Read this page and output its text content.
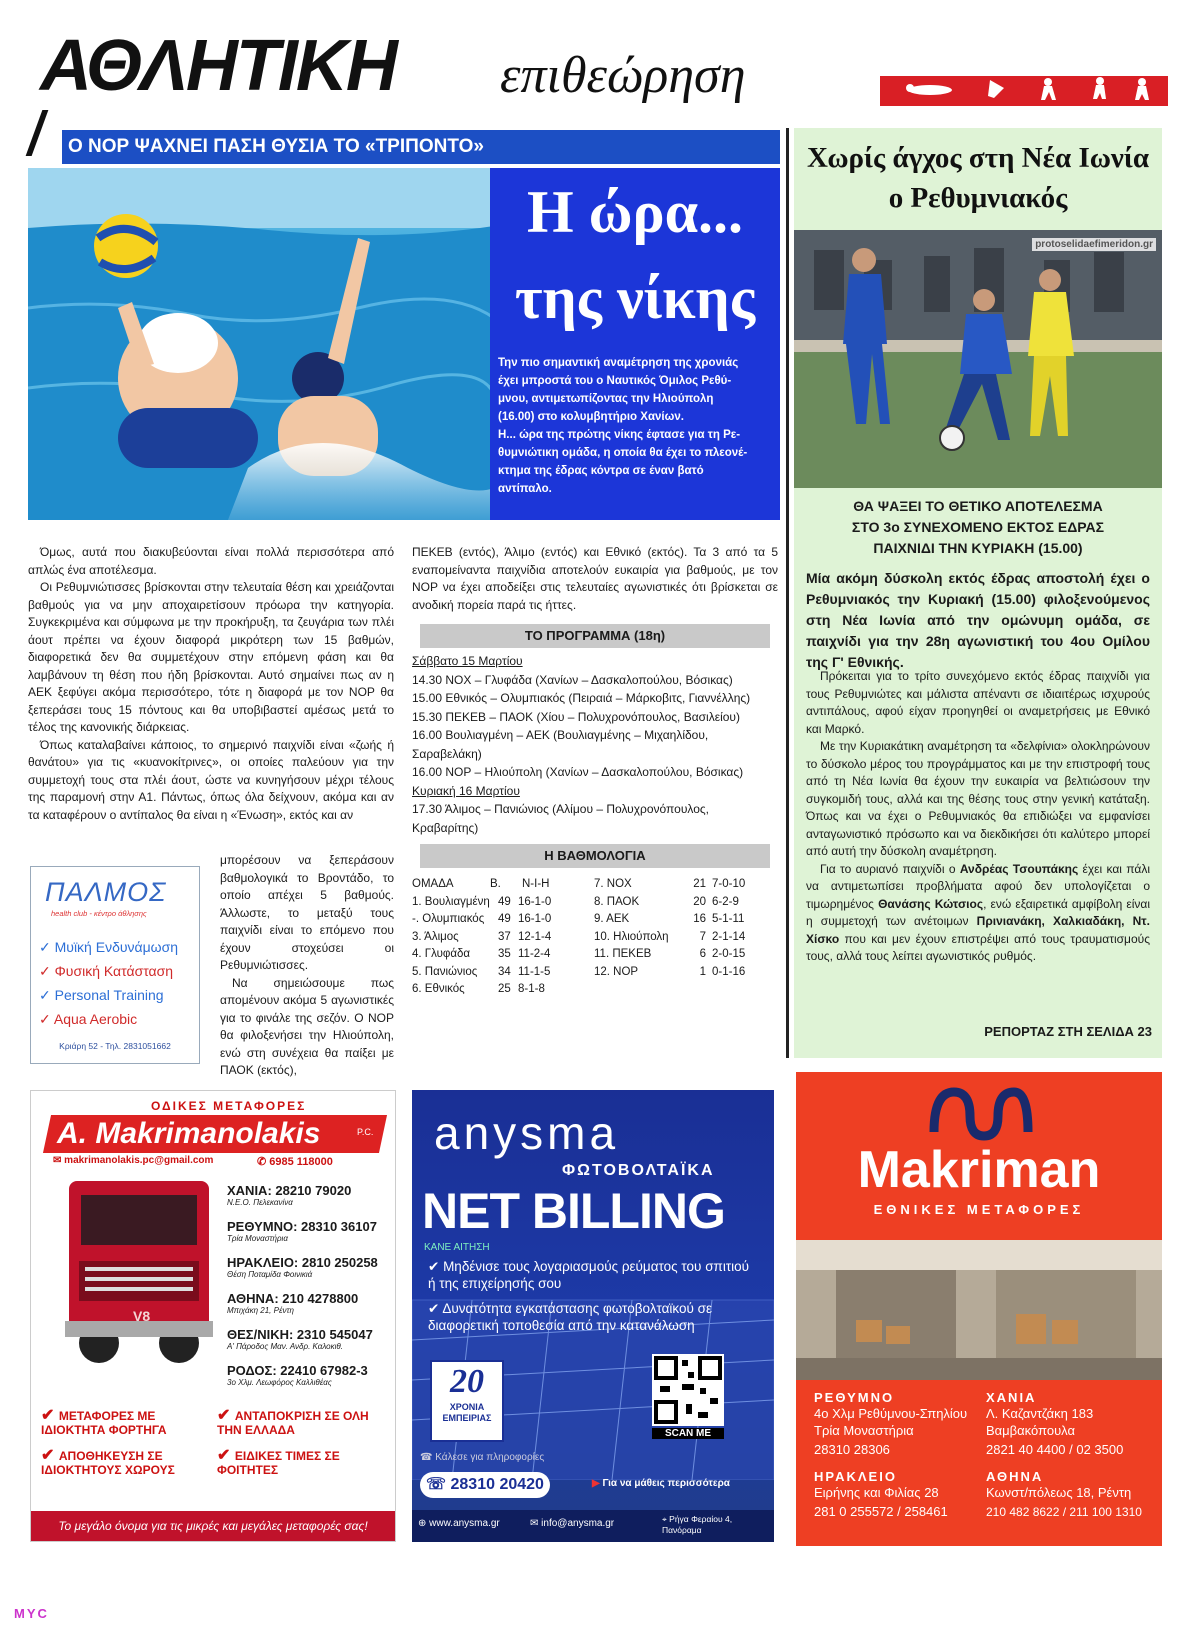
ΑΘΛΗΤΙΚΗ επιθεώρηση
Ο ΝΟΡ ΨΑΧΝΕΙ ΠΑΣΗ ΘΥΣΙΑ ΤΟ «ΤΡΙΠΟΝΤΟ»
Η ώρα...
της νίκης
Την πιο σημαντική αναμέτρηση της χρονιάς
έχει μπροστά του ο Ναυτικός Όμιλος Ρεθύ-
μνου, αντιμετωπίζοντας την Ηλιούπολη
(16.00) στο κολυμβητήριο Χανίων.
Η... ώρα της πρώτης νίκης έφτασε για τη Ρε-
θυμνιώτικη ομάδα, η οποία θα έχει το πλεονέ-
κτημα της έδρας κόντρα σε έναν βατό
αντίπαλο.

Όμως, αυτά που διακυβεύονται είναι πολλά περισσότερα από απλώς ένα αποτέλεσμα.

Οι Ρεθυμνιώτισσες βρίσκονται στην τελευταία θέση και χρειάζονται βαθμούς για να μην αποχαιρετίσουν πρόωρα την κατηγορία. Συγκεκριμένα και σύμφωνα με την προκήρυξη, τα ζευγάρια των πλέι άουτ πρέπει να έχουν διαφορά μικρότερη των 15 βαθμών, διαφορετικά δεν θα συμμετέχουν στην επόμενη φάση και θα λαμβάνουν τη θέση που ήδη βρίσκονται. Αυτό σημαίνει πως αν η ΑΕΚ ξεφύγει ακόμα περισσότερο, τότε η διαφορά με τον ΝΟΡ θα ξεπεράσει τους 15 πόντους και θα υποβιβαστεί αμέσως μετά το τέλος της κανονικής διάρκειας.

Όπως καταλαβαίνει κάποιος, το σημερινό παιχνίδι είναι «ζωής ή θανάτου» για τις «κυανοκίτρινες», οι οποίες παλεύουν για την συμμετοχή τους στα πλέι άουτ, ώστε να κυνηγήσουν μέχρι τέλους της παραμονή στην Α1. Πάντως, όπως όλα δείχνουν, ακόμα και αν τα καταφέρουν ο αντίπαλος θα είναι η «Ένωση», εκτός και αν

μπορέσουν να ξεπεράσουν βαθμολογικά το Βροντάδο, το οποίο απέχει 5 βαθμούς. Άλλωστε, το μεταξύ τους παιχνίδι είναι το επόμενο που έχουν στοχεύσει οι Ρεθυμνιώτισσες.

Να σημειώσουμε πως απομένουν ακόμα 5 αγωνιστικές για το φινάλε της σεζόν. Ο ΝΟΡ θα φιλοξενήσει την Ηλιούπολη, ενώ στη συνέχεια θα παίξει με ΠΑΟΚ (εκτός),

ΠΑΛΜΟΣ
health club - κέντρο άθλησης
✓ Μυϊκή Ενδυνάμωση
✓ Φυσική Κατάσταση
✓ Personal Training
✓ Aqua Aerobic
Κριάρη 52 - Τηλ. 2831051662

ΠΕΚΕΒ (εντός), Άλιμο (εντός) και Εθνικό (εκτός). Τα 3 από τα 5 εναπομείναντα παιχνίδια αποτελούν ευκαιρία για βαθμούς, με τον ΝΟΡ να έχει αποδείξει στις τελευταίες αγωνιστικές ότι βρίσκεται σε ανοδική πορεία παρά τις ήττες.

ΤΟ ΠΡΟΓΡΑΜΜΑ (18η)
Σάββατο 15 Μαρτίου
14.30 ΝΟΧ – Γλυφάδα (Χανίων – Δασκαλοπούλου, Βόσικας)
15.00 Εθνικός – Ολυμπιακός (Πειραιά – Μάρκοβιτς, Γιαννέλλης)
15.30 ΠΕΚΕΒ – ΠΑΟΚ (Χίου – Πολυχρονόπουλος, Βασιλείου)
16.00 Βουλιαγμένη – ΑΕΚ (Βουλιαγμένης – Μιχαηλίδου,
Σαραβελάκη)
16.00 ΝΟΡ – Ηλιούπολη (Χανίων – Δασκαλοπούλου, Βόσικας)
Κυριακή 16 Μαρτίου
17.30 Άλιμος – Πανιώνιος (Αλίμου – Πολυχρονόπουλος,
Κραβαρίτης)
Η ΒΑΘΜΟΛΟΓΙΑ
ΟΜΑΔΑ	Β. Ν-Ι-Η
1. Βουλιαγμένη 49 16-1-0
-. Ολυμπιακός 49 16-1-0
3. Άλιμος	37 12-1-4
4. Γλυφάδα 35 11-2-4
5. Πανιώνιος 34 11-1-5
6. Εθνικός	25 8-1-8
7. ΝΟΧ	21 7-0-10
8. ΠΑΟΚ	20 6-2-9
9. ΑΕΚ	16 5-1-11
10. Ηλιούπολη	7 2-1-14
11. ΠΕΚΕΒ	6 2-0-15
12. ΝΟΡ	1 0-1-16
Χωρίς άγχος στη Νέα Ιωνία
ο Ρεθυμνιακός
protoselidaefimeridon.gr
ΘΑ ΨΑΞΕΙ ΤΟ ΘΕΤΙΚΟ ΑΠΟΤΕΛΕΣΜΑ
ΣΤΟ 3ο ΣΥΝΕΧΟΜΕΝΟ ΕΚΤΟΣ ΕΔΡΑΣ
ΠΑΙΧΝΙΔΙ ΤΗΝ ΚΥΡΙΑΚΗ (15.00)
Μία ακόμη δύσκολη εκτός έδρας αποστολή έχει ο Ρεθυμνιακός την Κυριακή (15.00) φιλοξενούμενος στη Νέα Ιωνία από την ομώνυμη ομάδα, σε παιχνίδι για την 28η αγωνιστική του 4ου Ομίλου της Γ' Εθνικής.

Πρόκειται για το τρίτο συνεχόμενο εκτός έδρας παιχνίδι για τους Ρεθυμνιώτες και μάλιστα απέναντι σε ιδιαιτέρως ισχυρούς αντιπάλους, αφού είχαν προηγηθεί οι αναμετρήσεις με Εθνικό και Μαρκό.

Με την Κυριακάτικη αναμέτρηση τα «δελφίνια» ολοκληρώνουν το δύσκολο μέρος του προγράμματος και με την επιστροφή τους από τη Νέα Ιωνία θα έχουν την ευκαιρία να βελτιώσουν την συγκομιδή τους, αλλά και της θέσης τους στην γενική κατάταξη. Όπως και να έχει ο Ρεθυμνιακός θα επιδιώξει να εμφανίσει ανταγωνιστικό πρόσωπο και να διεκδικήσει ότι καλύτερο μπορεί από αυτή την δύσκολη αναμέτρηση.

Για το αυριανό παιχνίδι ο Ανδρέας Τσουπάκης έχει και πάλι να αντιμετωπίσει προβλήματα αφού δεν υπολογίζεται ο τιμωρημένος Θανάσης Κώτσιος, ενώ εξαιρετικά αμφίβολη είναι η συμμετοχή των ανέτοιμων Πρινιανάκη, Χαλκιαδάκη, Ντ. Χίσκο που και μεν έχουν επιστρέψει από τους τραυματισμούς τους, αλλά τους λείπει αγωνιστικός ρυθμός.

ΡΕΠΟΡΤΑΖ ΣΤΗ ΣΕΛΙΔΑ 23
ΟΔΙΚΕΣ ΜΕΤΑΦΟΡΕΣ
A. Makrimanolakis	P.C.
✉ makrimanolakis.pc@gmail.com	✆ 6985 118000
V8
ΧΑΝΙΑ: 28210 79020
Ν.Ε.Ο. Πελεκανίνα
ΡΕΘΥΜΝΟ: 28310 36107
Τρία Μοναστήρια
ΗΡΑΚΛΕΙΟ: 2810 250258
Θέση Ποταμίδα Φοινικιά
ΑΘΗΝΑ: 210 4278800
Μπιχάκη 21, Ρέντη
ΘΕΣ/ΝΙΚΗ: 2310 545047
Α' Πάροδος Μαν. Ανδρ. Καλοκιθ.
ΡΟΔΟΣ: 22410 67982-3
3ο Χλμ. Λεωφόρος Καλλιθέας
✔ ΜΕΤΑΦΟΡΕΣ ΜΕ ΙΔΙΟΚΤΗΤΑ ΦΟΡΤΗΓΑ
✔ ΑΝΤΑΠΟΚΡΙΣΗ ΣΕ ΟΛΗ ΤΗΝ ΕΛΛΑΔΑ
✔ ΑΠΟΘΗΚΕΥΣΗ ΣΕ ΙΔΙΟΚΤΗΤΟΥΣ ΧΩΡΟΥΣ
✔ ΕΙΔΙΚΕΣ ΤΙΜΕΣ ΣΕ ΦΟΙΤΗΤΕΣ
Το μεγάλο όνομα για τις μικρές και μεγάλες μεταφορές σας!
anysma
ΦΩΤΟΒΟΛΤΑΪΚΑ
NET BILLING
ΚΑΝΕ ΑΙΤΗΣΗ
✔ Μηδένισε τους λογαριασμούς ρεύματος του σπιτιού ή της επιχείρησής σου
✔ Δυνατότητα εγκατάστασης φωτοβολταϊκού σε διαφορετική τοποθεσία από την κατανάλωση
20
ΧΡΟΝΙΑ ΕΜΠΕΙΡΙΑΣ
SCAN ME
☎ Κάλεσε για πληροφορίες
☏ 28310 20420	▶ Για να μάθεις περισσότερα
⊕ www.anysma.gr	✉ info@anysma.gr	⌖ Ρήγα Φεραίου 4, Πανόραμα
Makriman
ΕΘΝΙΚΕΣ ΜΕΤΑΦΟΡΕΣ
ΡΕΘΥΜΝΟ
4ο Χλμ Ρεθύμνου-Σπηλίου
Τρία Μοναστήρια
28310 28306
ΗΡΑΚΛΕΙΟ
Ειρήνης και Φιλίας 28
281 0 255572 / 258461
ΧΑΝΙΑ
Λ. Καζαντζάκη 183
Βαμβακόπουλα
2821 40 4400 / 02 3500
ΑΘΗΝΑ
Κωνστ/πόλεως 18, Ρέντη
210 482 8622 / 211 100 1310
MYC
